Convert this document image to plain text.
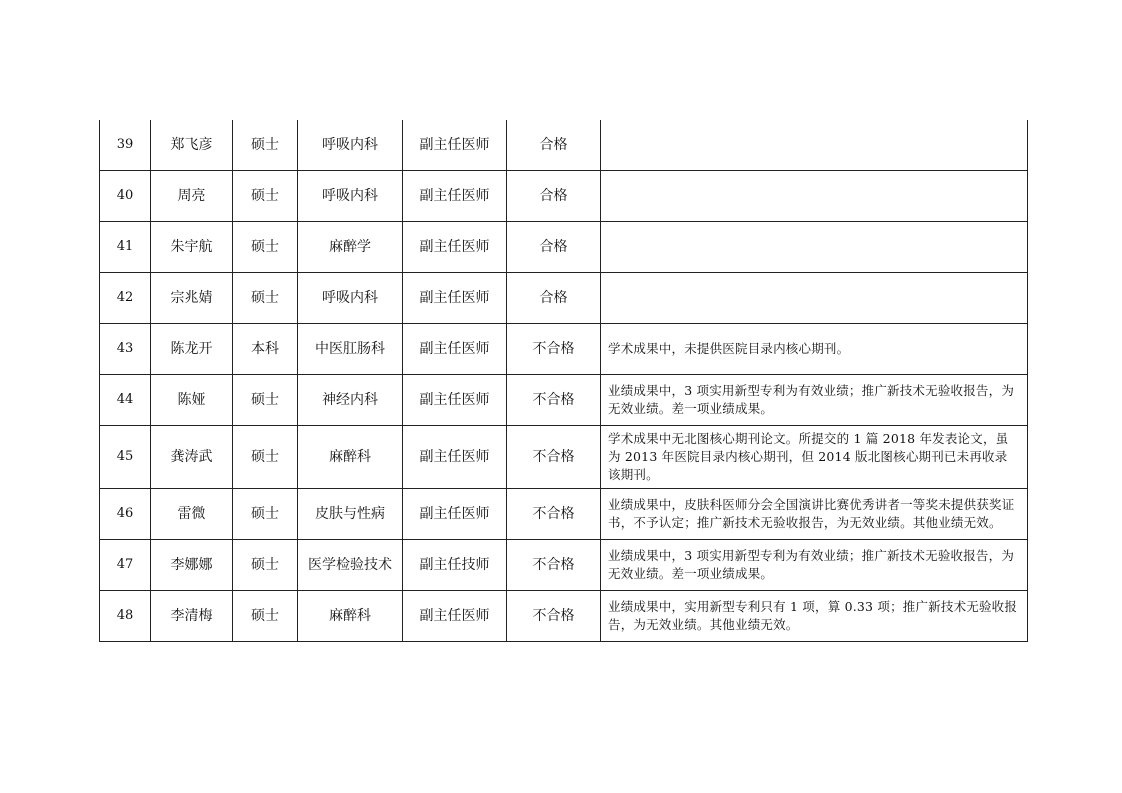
39	郑飞彦	硕士	呼吸内科	副主任医师	合格	
40	周亮	硕士	呼吸内科	副主任医师	合格	
41	朱宇航	硕士	麻醉学	副主任医师	合格	
42	宗兆婧	硕士	呼吸内科	副主任医师	合格	
43	陈龙开	本科	中医肛肠科	副主任医师	不合格	学术成果中，未提供医院目录内核心期刊。
44	陈娅	硕士	神经内科	副主任医师	不合格	业绩成果中，3 项实用新型专利为有效业绩；推广新技术无验收报告，为无效业绩。差一项业绩成果。
45	龚涛武	硕士	麻醉科	副主任医师	不合格	学术成果中无北图核心期刊论文。所提交的 1 篇 2018 年发表论文，虽为 2013 年医院目录内核心期刊，但 2014 版北图核心期刊已未再收录该期刊。
46	雷微	硕士	皮肤与性病	副主任医师	不合格	业绩成果中，皮肤科医师分会全国演讲比赛优秀讲者一等奖未提供获奖证书，不予认定；推广新技术无验收报告，为无效业绩。其他业绩无效。
47	李娜娜	硕士	医学检验技术	副主任技师	不合格	业绩成果中，3 项实用新型专利为有效业绩；推广新技术无验收报告，为无效业绩。差一项业绩成果。
48	李清梅	硕士	麻醉科	副主任医师	不合格	业绩成果中，实用新型专利只有 1 项，算 0.33 项；推广新技术无验收报告，为无效业绩。其他业绩无效。
